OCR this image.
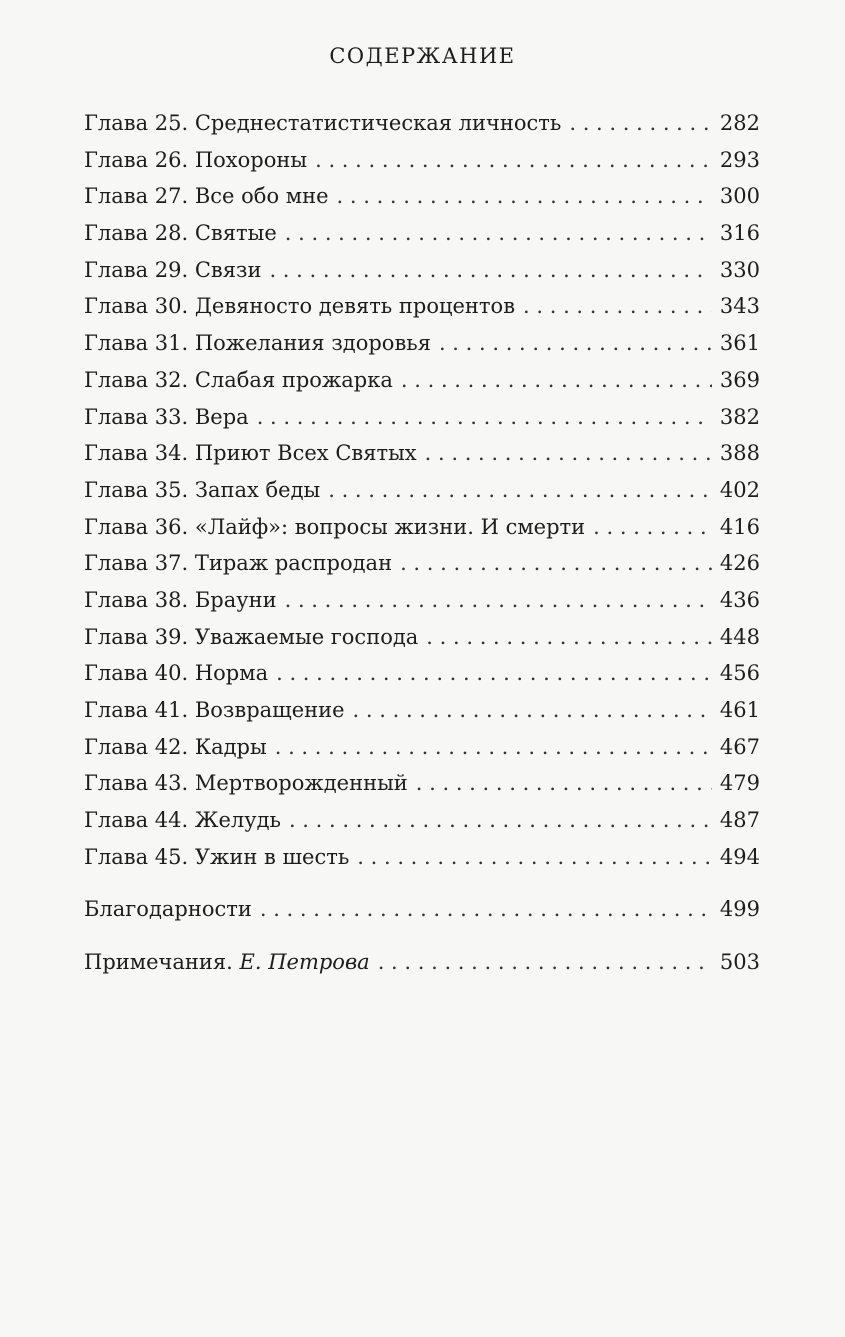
СОДЕРЖАНИЕ
Глава 25. Среднестатистическая личность . . .	282
Глава 26. Похороны . . .	293
Глава 27. Все обо мне . . .	300
Глава 28. Святые . . .	316
Глава 29. Связи . . .	330
Глава 30. Девяносто девять процентов . . .	343
Глава 31. Пожелания здоровья . . .	361
Глава 32. Слабая прожарка . . .	369
Глава 33. Вера . . .	382
Глава 34. Приют Всех Святых . . .	388
Глава 35. Запах беды . . .	402
Глава 36. «Лайф»: вопросы жизни. И смерти . . .	416
Глава 37. Тираж распродан . . .	426
Глава 38. Брауни . . .	436
Глава 39. Уважаемые господа . . .	448
Глава 40. Норма . . .	456
Глава 41. Возвращение . . .	461
Глава 42. Кадры . . .	467
Глава 43. Мертворожденный . . .	479
Глава 44. Желудь . . .	487
Глава 45. Ужин в шесть . . .	494
Благодарности . . .	499
Примечания. Е. Петрова . . .	503
